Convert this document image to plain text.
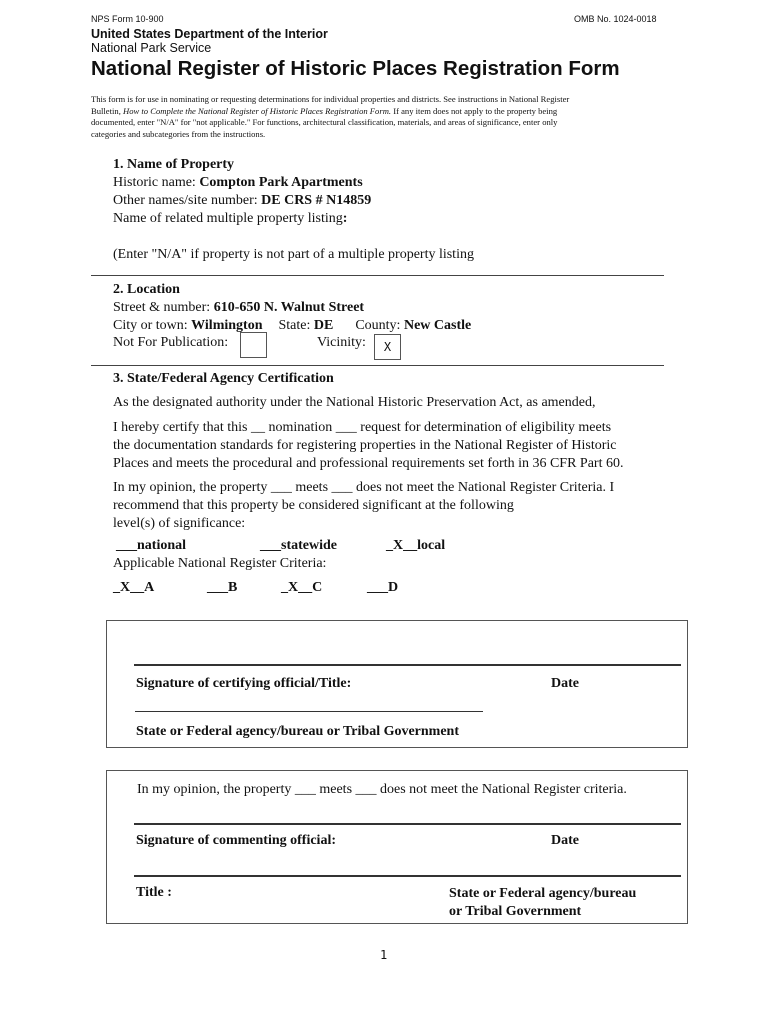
NPS Form 10-900	OMB No. 1024-0018
United States Department of the Interior
National Park Service
National Register of Historic Places Registration Form
This form is for use in nominating or requesting determinations for individual properties and districts. See instructions in National Register
Bulletin, How to Complete the National Register of Historic Places Registration Form. If any item does not apply to the property being
documented, enter "N/A" for "not applicable." For functions, architectural classification, materials, and areas of significance, enter only
categories and subcategories from the instructions.
1. Name of Property
Historic name: Compton Park Apartments
Other names/site number: DE CRS # N14859
Name of related multiple property listing:
(Enter "N/A" if property is not part of a multiple property listing
2. Location
Street & number: 610-650 N. Walnut Street
City or town: Wilmington State: DE County: New Castle
Not For Publication:	Vicinity:	X
3. State/Federal Agency Certification
As the designated authority under the National Historic Preservation Act, as amended,
I hereby certify that this __ nomination ___ request for determination of eligibility meets
the documentation standards for registering properties in the National Register of Historic
Places and meets the procedural and professional requirements set forth in 36 CFR Part 60.
In my opinion, the property ___ meets ___ does not meet the National Register Criteria. I
recommend that this property be considered significant at the following
level(s) of significance:
___national	___statewide	_X__local
Applicable National Register Criteria:
_X__A	___B	_X__C	___D
Signature of certifying official/Title:	Date
State or Federal agency/bureau or Tribal Government
In my opinion, the property ___ meets ___ does not meet the National Register criteria.
Signature of commenting official:	Date
Title :	State or Federal agency/bureau
or Tribal Government
1
